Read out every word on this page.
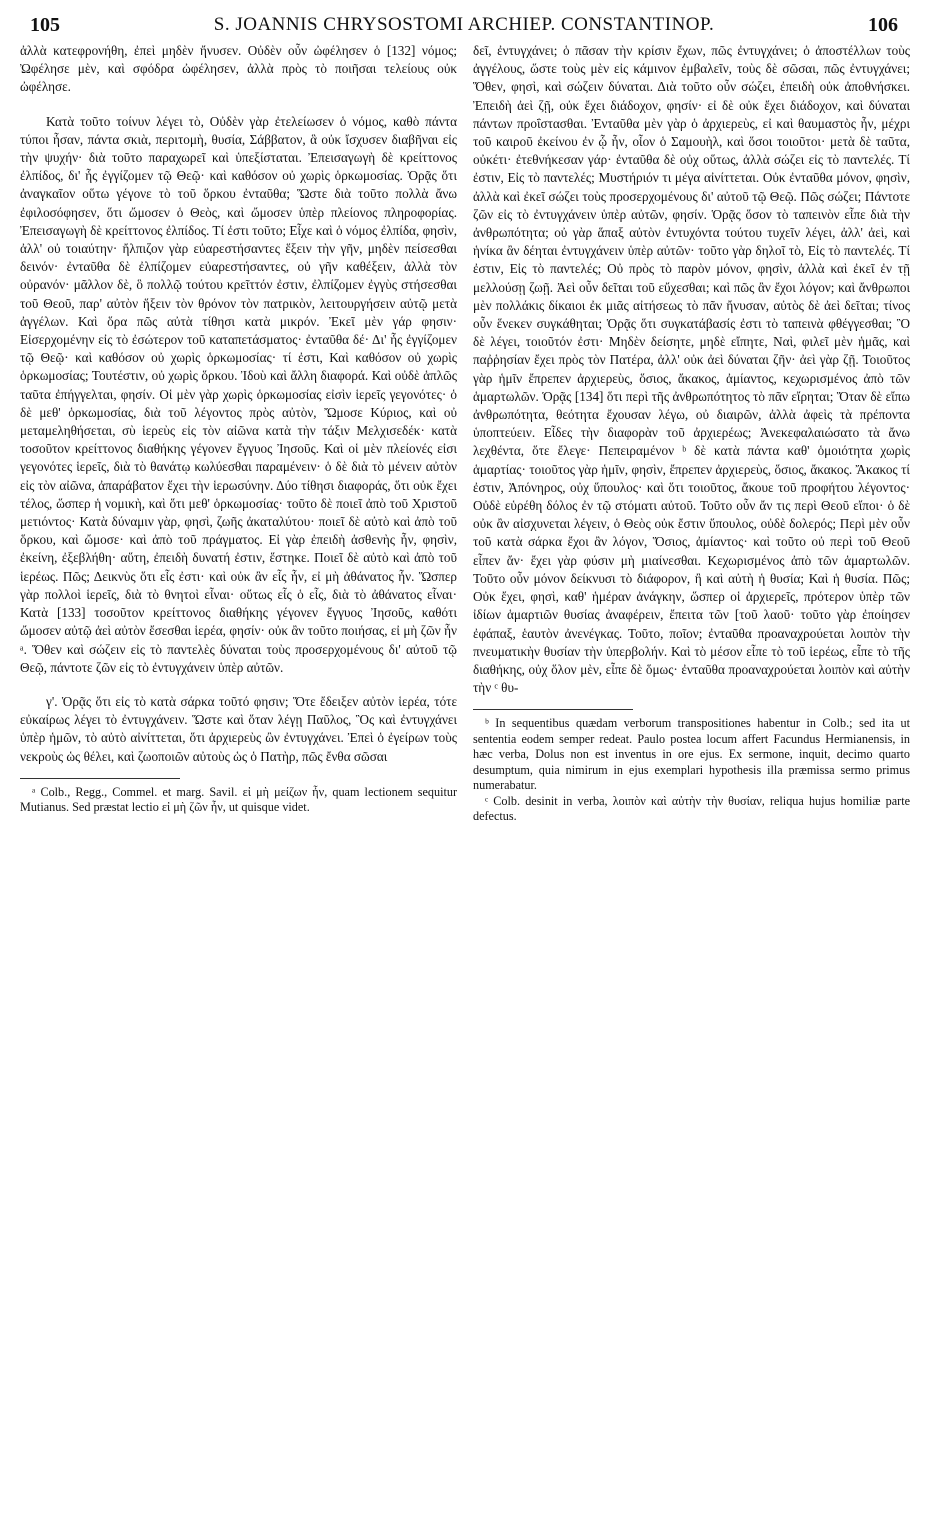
105	S. JOANNIS CHRYSOSTOMI ARCHIEP. CONSTANTINOP.	106

ἀλλὰ κατεφρονήθη, ἐπεὶ μηδὲν ἤνυσεν. Οὐδὲν οὖν ὠφέλησεν ὁ [132] νόμος; Ὠφέλησε μὲν, καὶ σφόδρα ὠφέλησεν, ἀλλὰ πρὸς τὸ ποιῆσαι τελείους οὐκ ὠφέλησε.

Κατὰ τοῦτο τοίνυν λέγει τὸ, Οὐδὲν γὰρ ἐτελείωσεν ὁ νόμος, καθὸ πάντα τύποι ἦσαν, πάντα σκιὰ, περιτομὴ, θυσία, Σάββατον, ἃ οὐκ ἴσχυσεν διαβῆναι εἰς τὴν ψυχήν· διὰ τοῦτο παραχωρεῖ καὶ ὑπεξίσταται. Ἐπεισαγωγὴ δὲ κρείττονος ἐλπίδος, δι' ἧς ἐγγίζομεν τῷ Θεῷ· καὶ καθόσον οὐ χωρὶς ὁρκωμοσίας. Ὁρᾷς ὅτι ἀναγκαῖον οὕτω γέγονε τὸ τοῦ ὅρκου ἐνταῦθα; Ὥστε διὰ τοῦτο πολλὰ ἄνω ἐφιλοσόφησεν, ὅτι ὤμοσεν ὁ Θεὸς, καὶ ὤμοσεν ὑπὲρ πλείονος πληροφορίας. Ἐπεισαγωγὴ δὲ κρείττονος ἐλπίδος. Τί ἐστι τοῦτο; Εἶχε καὶ ὁ νόμος ἐλπίδα, φησὶν, ἀλλ' οὐ τοιαύτην· ἤλπιζον γὰρ εὐαρεστήσαντες ἕξειν τὴν γῆν, μηδὲν πείσεσθαι δεινόν· ἐνταῦθα δὲ ἐλπίζομεν εὐαρεστήσαντες, οὐ γῆν καθέξειν, ἀλλὰ τὸν οὐρανόν· μᾶλλον δὲ, ὃ πολλῷ τούτου κρεῖττόν ἐστιν, ἐλπίζομεν ἐγγὺς στήσεσθαι τοῦ Θεοῦ, παρ' αὐτὸν ἥξειν τὸν θρόνον τὸν πατρικὸν, λειτουργήσειν αὐτῷ μετὰ ἀγγέλων. Καὶ ὅρα πῶς αὐτὰ τίθησι κατὰ μικρόν. Ἐκεῖ μὲν γάρ φησιν· Εἰσερχομένην εἰς τὸ ἐσώτερον τοῦ καταπετάσματος· ἐνταῦθα δέ· Δι' ἧς ἐγγίζομεν τῷ Θεῷ· καὶ καθόσον οὐ χωρὶς ὁρκωμοσίας· τί ἐστι, Καὶ καθόσον οὐ χωρὶς ὁρκωμοσίας; Τουτέστιν, οὐ χωρὶς ὅρκου. Ἰδοὺ καὶ ἄλλη διαφορά. Καὶ οὐδὲ ἁπλῶς ταῦτα ἐπήγγελται, φησίν. Οἱ μὲν γὰρ χωρὶς ὁρκωμοσίας εἰσὶν ἱερεῖς γεγονότες· ὁ δὲ μεθ' ὁρκωμοσίας, διὰ τοῦ λέγοντος πρὸς αὐτὸν, Ὤμοσε Κύριος, καὶ οὐ μεταμεληθήσεται, σὺ ἱερεὺς εἰς τὸν αἰῶνα κατὰ τὴν τάξιν Μελχισεδέκ· κατὰ τοσοῦτον κρείττονος διαθήκης γέγονεν ἔγγυος Ἰησοῦς. Καὶ οἱ μὲν πλείονές εἰσι γεγονότες ἱερεῖς, διὰ τὸ θανάτῳ κωλύεσθαι παραμένειν· ὁ δὲ διὰ τὸ μένειν αὐτὸν εἰς τὸν αἰῶνα, ἀπαράβατον ἔχει τὴν ἱερωσύνην. Δύο τίθησι διαφοράς, ὅτι οὐκ ἔχει τέλος, ὥσπερ ἡ νομικὴ, καὶ ὅτι μεθ' ὁρκωμοσίας· τοῦτο δὲ ποιεῖ ἀπὸ τοῦ Χριστοῦ μετιόντος· Κατὰ δύναμιν γὰρ, φησὶ, ζωῆς ἀκαταλύτου· ποιεῖ δὲ αὐτὸ καὶ ἀπὸ τοῦ ὅρκου, καὶ ὤμοσε· καὶ ἀπὸ τοῦ πράγματος. Εἰ γὰρ ἐπειδὴ ἀσθενὴς ἦν, φησὶν, ἐκείνη, ἐξεβλήθη· αὕτη, ἐπειδὴ δυνατή ἐστιν, ἕστηκε. Ποιεῖ δὲ αὐτὸ καὶ ἀπὸ τοῦ ἱερέως. Πῶς; Δεικνὺς ὅτι εἷς ἐστι· καὶ οὐκ ἂν εἷς ἦν, εἰ μὴ ἀθάνατος ἦν. Ὥσπερ γὰρ πολλοὶ ἱερεῖς, διὰ τὸ θνητοὶ εἶναι· οὕτως εἷς ὁ εἷς, διὰ τὸ ἀθάνατος εἶναι· Κατὰ [133] τοσοῦτον κρείττονος διαθήκης γέγονεν ἔγγυος Ἰησοῦς, καθότι ὤμοσεν αὐτῷ ἀεὶ αὐτὸν ἔσεσθαι ἱερέα, φησίν· οὐκ ἂν τοῦτο ποιήσας, εἰ μὴ ζῶν ἦν ᵃ. Ὅθεν καὶ σώζειν εἰς τὸ παντελὲς δύναται τοὺς προσερχομένους δι' αὐτοῦ τῷ Θεῷ, πάντοτε ζῶν εἰς τὸ ἐντυγχάνειν ὑπὲρ αὐτῶν.

γ'. Ὁρᾷς ὅτι εἰς τὸ κατὰ σάρκα τοῦτό φησιν; Ὅτε ἔδειξεν αὐτὸν ἱερέα, τότε εὐκαίρως λέγει τὸ ἐντυγχάνειν. Ὥστε καὶ ὅταν λέγῃ Παῦλος, Ὃς καὶ ἐντυγχάνει ὑπὲρ ἡμῶν, τὸ αὐτὸ αἰνίττεται, ὅτι ἀρχιερεὺς ὢν ἐντυγχάνει. Ἐπεὶ ὁ ἐγείρων τοὺς νεκροὺς ὡς θέλει, καὶ ζωοποιῶν αὐτοὺς ὡς ὁ Πατὴρ, πῶς ἔνθα σῶσαι

ᵃ Colb., Regg., Commel. et marg. Savil. εἰ μὴ μείζων ἦν, quam lectionem sequitur Mutianus. Sed præstat lectio εἰ μὴ ζῶν ἦν, ut quisque videt.

δεῖ, ἐντυγχάνει; ὁ πᾶσαν τὴν κρίσιν ἔχων, πῶς ἐντυγχάνει; ὁ ἀποστέλλων τοὺς ἀγγέλους, ὥστε τοὺς μὲν εἰς κάμινον ἐμβαλεῖν, τοὺς δὲ σῶσαι, πῶς ἐντυγχάνει; Ὅθεν, φησὶ, καὶ σώζειν δύναται. Διὰ τοῦτο οὖν σώζει, ἐπειδὴ οὐκ ἀποθνήσκει. Ἐπειδὴ ἀεὶ ζῇ, οὐκ ἔχει διάδοχον, φησίν· εἰ δὲ οὐκ ἔχει διάδοχον, καὶ δύναται πάντων προΐστασθαι. Ἐνταῦθα μὲν γὰρ ὁ ἀρχιερεὺς, εἰ καὶ θαυμαστὸς ἦν, μέχρι τοῦ καιροῦ ἐκείνου ἐν ᾧ ἦν, οἷον ὁ Σαμουὴλ, καὶ ὅσοι τοιοῦτοι· μετὰ δὲ ταῦτα, οὐκέτι· ἐτεθνήκεσαν γάρ· ἐνταῦθα δὲ οὐχ οὕτως, ἀλλὰ σώζει εἰς τὸ παντελές. Τί ἐστιν, Εἰς τὸ παντελές; Μυστήριόν τι μέγα αἰνίττεται. Οὐκ ἐνταῦθα μόνον, φησὶν, ἀλλὰ καὶ ἐκεῖ σώζει τοὺς προσερχομένους δι' αὐτοῦ τῷ Θεῷ. Πῶς σώζει; Πάντοτε ζῶν εἰς τὸ ἐντυγχάνειν ὑπὲρ αὐτῶν, φησίν. Ὁρᾷς ὅσον τὸ ταπεινὸν εἶπε διὰ τὴν ἀνθρωπότητα; οὐ γὰρ ἅπαξ αὐτὸν ἐντυχόντα τούτου τυχεῖν λέγει, ἀλλ' ἀεὶ, καὶ ἡνίκα ἂν δέηται ἐντυγχάνειν ὑπὲρ αὐτῶν· τοῦτο γὰρ δηλοῖ τὸ, Εἰς τὸ παντελές. Τί ἐστιν, Εἰς τὸ παντελές; Οὐ πρὸς τὸ παρὸν μόνον, φησὶν, ἀλλὰ καὶ ἐκεῖ ἐν τῇ μελλούσῃ ζωῇ. Ἀεὶ οὖν δεῖται τοῦ εὔχεσθαι; καὶ πῶς ἂν ἔχοι λόγον; καὶ ἄνθρωποι μὲν πολλάκις δίκαιοι ἐκ μιᾶς αἰτήσεως τὸ πᾶν ἤνυσαν, αὐτὸς δὲ ἀεὶ δεῖται; τίνος οὖν ἕνεκεν συγκάθηται; Ὁρᾷς ὅτι συγκατάβασίς ἐστι τὸ ταπεινὰ φθέγγεσθαι; Ὃ δὲ λέγει, τοιοῦτόν ἐστι· Μηδὲν δείσητε, μηδὲ εἴπητε, Ναὶ, φιλεῖ μὲν ἡμᾶς, καὶ παῤῥησίαν ἔχει πρὸς τὸν Πατέρα, ἀλλ' οὐκ ἀεὶ δύναται ζῆν· ἀεὶ γὰρ ζῇ. Τοιοῦτος γὰρ ἡμῖν ἔπρεπεν ἀρχιερεὺς, ὅσιος, ἄκακος, ἀμίαντος, κεχωρισμένος ἀπὸ τῶν ἁμαρτωλῶν. Ὁρᾷς [134] ὅτι περὶ τῆς ἀνθρωπότητος τὸ πᾶν εἴρηται; Ὅταν δὲ εἴπω ἀνθρωπότητα, θεότητα ἔχουσαν λέγω, οὐ διαιρῶν, ἀλλὰ ἀφεὶς τὰ πρέποντα ὑποπτεύειν. Εἶδες τὴν διαφορὰν τοῦ ἀρχιερέως; Ἀνεκεφαλαιώσατο τὰ ἄνω λεχθέντα, ὅτε ἔλεγε· Πεπειραμένον ᵇ δὲ κατὰ πάντα καθ' ὁμοιότητα χωρὶς ἁμαρτίας· τοιοῦτος γὰρ ἡμῖν, φησὶν, ἔπρεπεν ἀρχιερεὺς, ὅσιος, ἄκακος. Ἄκακος τί ἐστιν, Ἀπόνηρος, οὐχ ὕπουλος· καὶ ὅτι τοιοῦτος, ἄκουε τοῦ προφήτου λέγοντος· Οὐδὲ εὑρέθη δόλος ἐν τῷ στόματι αὐτοῦ. Τοῦτο οὖν ἄν τις περὶ Θεοῦ εἴποι· ὁ δὲ οὐκ ἂν αἰσχυνεται λέγειν, ὁ Θεὸς οὐκ ἔστιν ὕπουλος, οὐδὲ δολερός; Περὶ μὲν οὖν τοῦ κατὰ σάρκα ἔχοι ἂν λόγον, Ὅσιος, ἀμίαντος· καὶ τοῦτο οὐ περὶ τοῦ Θεοῦ εἶπεν ἄν· ἔχει γὰρ φύσιν μὴ μιαίνεσθαι. Κεχωρισμένος ἀπὸ τῶν ἁμαρτωλῶν. Τοῦτο οὖν μόνον δείκνυσι τὸ διάφορον, ἢ καὶ αὐτὴ ἡ θυσία; Καὶ ἡ θυσία. Πῶς; Οὐκ ἔχει, φησὶ, καθ' ἡμέραν ἀνάγκην, ὥσπερ οἱ ἀρχιερεῖς, πρότερον ὑπὲρ τῶν ἰδίων ἁμαρτιῶν θυσίας ἀναφέρειν, ἔπειτα τῶν [τοῦ λαοῦ· τοῦτο γὰρ ἐποίησεν ἐφάπαξ, ἑαυτὸν ἀνενέγκας. Τοῦτο, ποῖον; ἐνταῦθα προαναχρούεται λοιπὸν τὴν πνευματικὴν θυσίαν τὴν ὑπερβολήν. Καὶ τὸ μέσον εἶπε τὸ τοῦ ἱερέως, εἶπε τὸ τῆς διαθήκης, οὐχ ὅλον μὲν, εἶπε δὲ ὅμως· ἐνταῦθα προαναχρούεται λοιπὸν καὶ αὐτὴν τὴν ᶜ θυ-

ᵇ In sequentibus quædam verborum transpositiones habentur in Colb.; sed ita ut sententia eodem semper redeat. Paulo postea locum affert Facundus Hermianensis, in hæc verba, Dolus non est inventus in ore ejus. Ex sermone, inquit, decimo quarto desumptum, quia nimirum in ejus exemplari hypothesis illa præmissa sermo primus numerabatur.

ᶜ Colb. desinit in verba, λοιπὸν καὶ αὐτὴν τὴν θυσίαν, reliqua hujus homiliæ parte defectus.
